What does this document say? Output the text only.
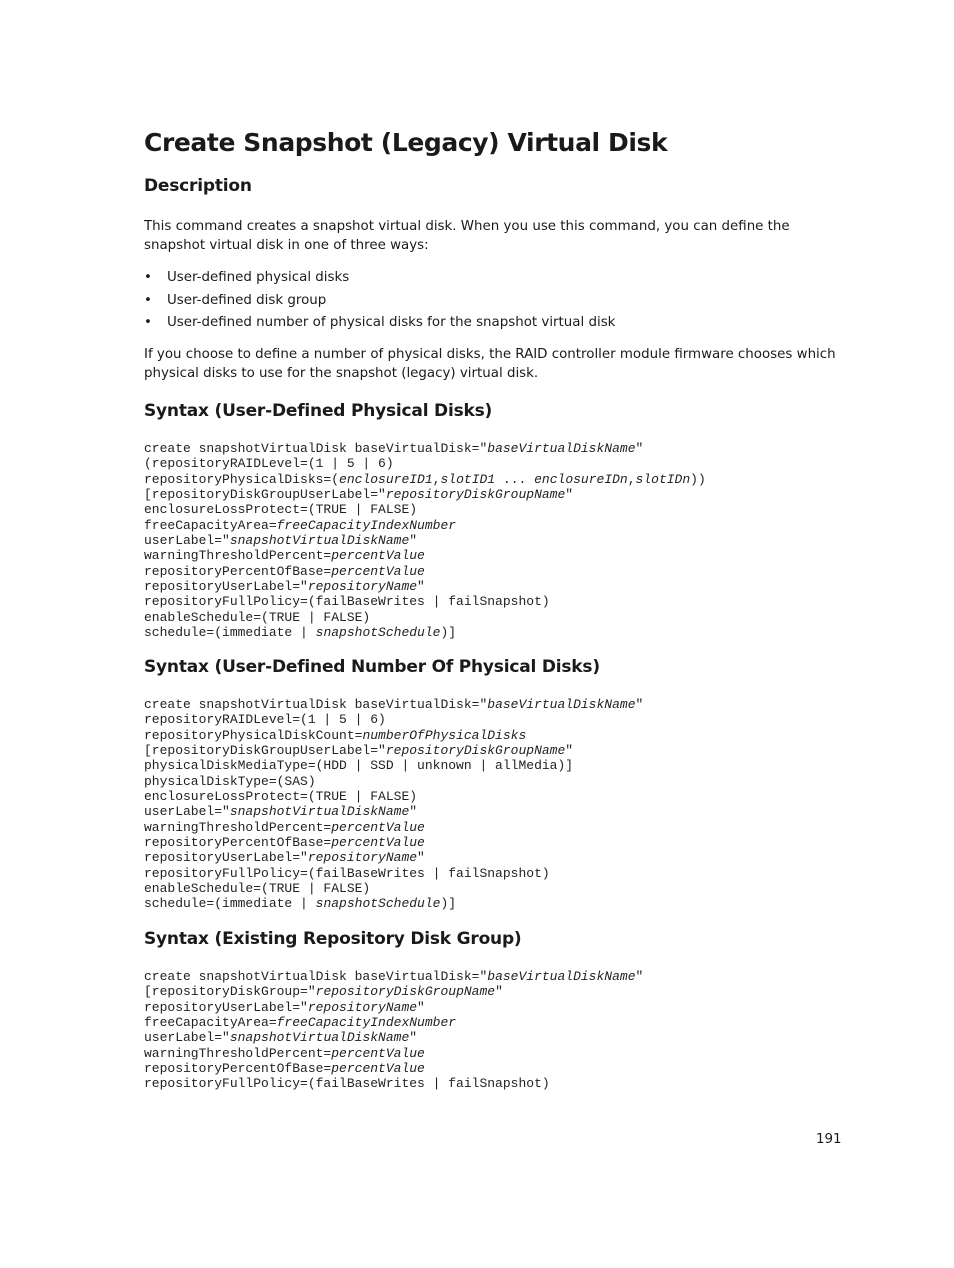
Create Snapshot (Legacy) Virtual Disk
Description

This command creates a snapshot virtual disk. When you use this command, you can define the snapshot virtual disk in one of three ways:

• User-defined physical disks
• User-defined disk group
• User-defined number of physical disks for the snapshot virtual disk

If you choose to define a number of physical disks, the RAID controller module firmware chooses which physical disks to use for the snapshot (legacy) virtual disk.

Syntax (User-Defined Physical Disks)
create snapshotVirtualDisk baseVirtualDisk="baseVirtualDiskName"
(repositoryRAIDLevel=(1 | 5 | 6)
repositoryPhysicalDisks=(enclosureID1,slotID1 ... enclosureIDn,slotIDn))
[repositoryDiskGroupUserLabel="repositoryDiskGroupName"
enclosureLossProtect=(TRUE | FALSE)
freeCapacityArea=freeCapacityIndexNumber
userLabel="snapshotVirtualDiskName"
warningThresholdPercent=percentValue
repositoryPercentOfBase=percentValue
repositoryUserLabel="repositoryName"
repositoryFullPolicy=(failBaseWrites | failSnapshot)
enableSchedule=(TRUE | FALSE)
schedule=(immediate | snapshotSchedule)]
Syntax (User-Defined Number Of Physical Disks)
create snapshotVirtualDisk baseVirtualDisk="baseVirtualDiskName"
repositoryRAIDLevel=(1 | 5 | 6)
repositoryPhysicalDiskCount=numberOfPhysicalDisks
[repositoryDiskGroupUserLabel="repositoryDiskGroupName"
physicalDiskMediaType=(HDD | SSD | unknown | allMedia)]
physicalDiskType=(SAS)
enclosureLossProtect=(TRUE | FALSE)
userLabel="snapshotVirtualDiskName"
warningThresholdPercent=percentValue
repositoryPercentOfBase=percentValue
repositoryUserLabel="repositoryName"
repositoryFullPolicy=(failBaseWrites | failSnapshot)
enableSchedule=(TRUE | FALSE)
schedule=(immediate | snapshotSchedule)]
Syntax (Existing Repository Disk Group)
create snapshotVirtualDisk baseVirtualDisk="baseVirtualDiskName"
[repositoryDiskGroup="repositoryDiskGroupName"
repositoryUserLabel="repositoryName"
freeCapacityArea=freeCapacityIndexNumber
userLabel="snapshotVirtualDiskName"
warningThresholdPercent=percentValue
repositoryPercentOfBase=percentValue
repositoryFullPolicy=(failBaseWrites | failSnapshot)
191
